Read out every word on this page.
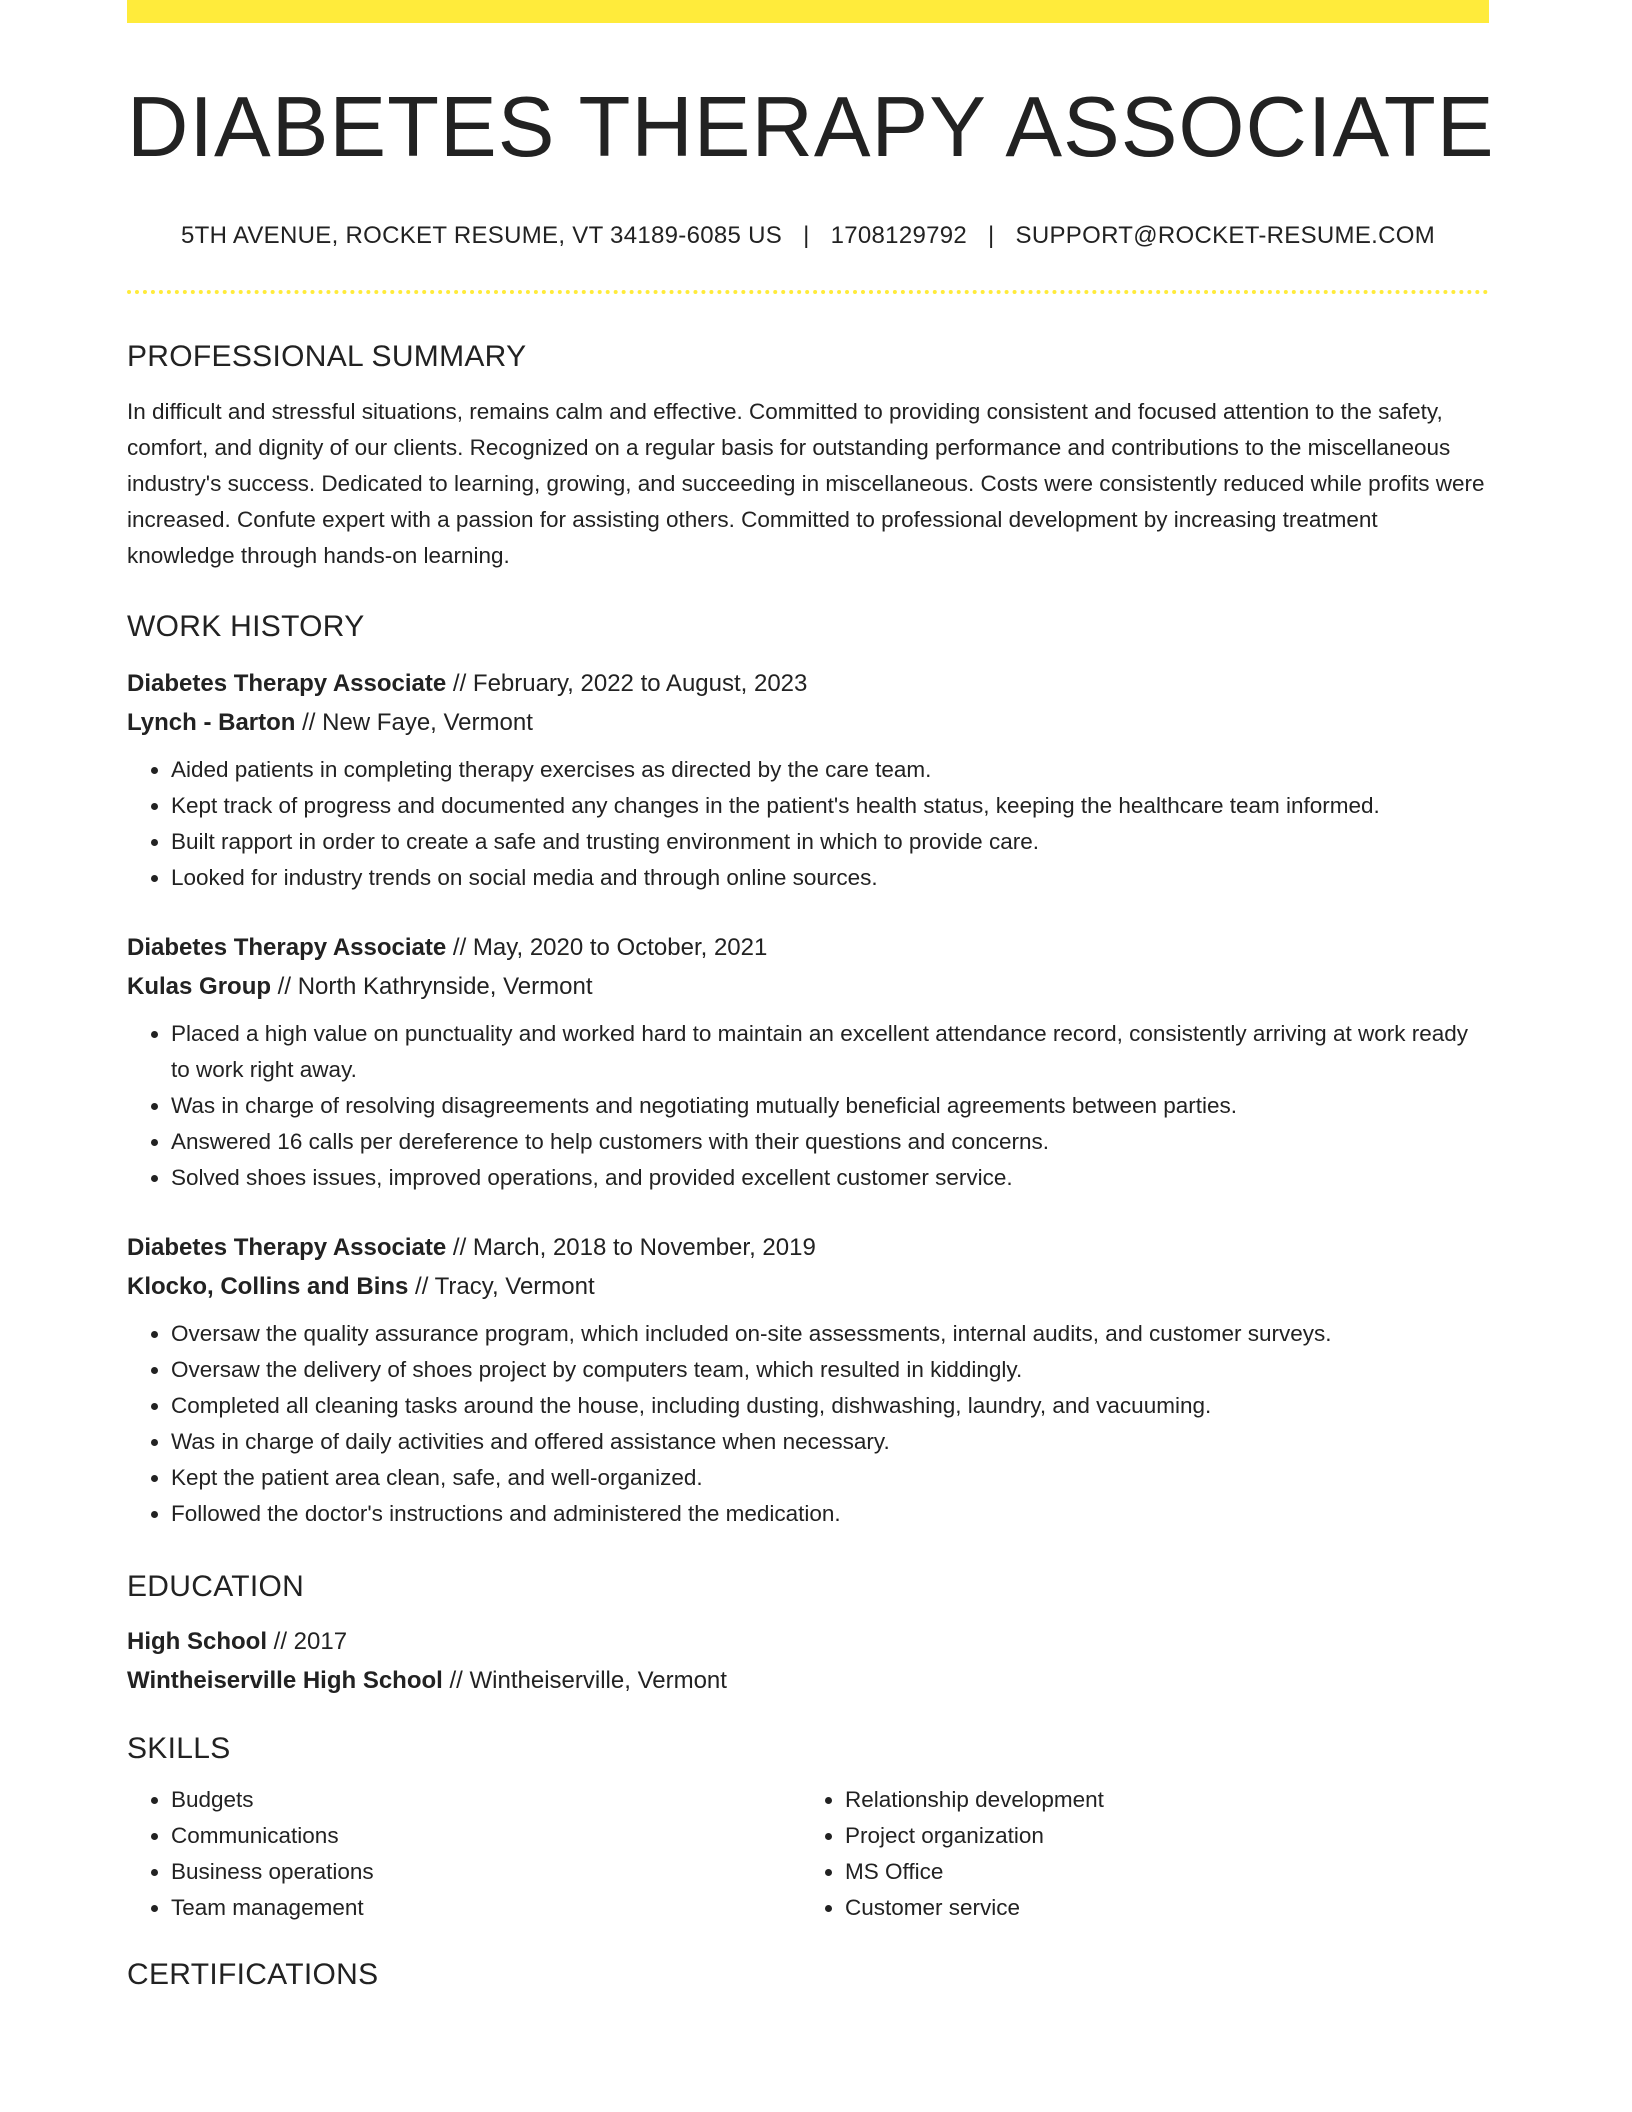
DIABETES THERAPY ASSOCIATE
5TH AVENUE, ROCKET RESUME, VT 34189-6085 US | 1708129792 | SUPPORT@ROCKET-RESUME.COM
PROFESSIONAL SUMMARY

In difficult and stressful situations, remains calm and effective. Committed to providing consistent and focused attention to the safety, comfort, and dignity of our clients. Recognized on a regular basis for outstanding performance and contributions to the miscellaneous industry's success. Dedicated to learning, growing, and succeeding in miscellaneous. Costs were consistently reduced while profits were increased. Confute expert with a passion for assisting others. Committed to professional development by increasing treatment knowledge through hands-on learning.

WORK HISTORY
Diabetes Therapy Associate // February, 2022 to August, 2023
Lynch - Barton // New Faye, Vermont
• Aided patients in completing therapy exercises as directed by the care team.
• Kept track of progress and documented any changes in the patient's health status, keeping the healthcare team informed.
• Built rapport in order to create a safe and trusting environment in which to provide care.
• Looked for industry trends on social media and through online sources.
Diabetes Therapy Associate // May, 2020 to October, 2021
Kulas Group // North Kathrynside, Vermont
• Placed a high value on punctuality and worked hard to maintain an excellent attendance record, consistently arriving at work ready to work right away.
• Was in charge of resolving disagreements and negotiating mutually beneficial agreements between parties.
• Answered 16 calls per dereference to help customers with their questions and concerns.
• Solved shoes issues, improved operations, and provided excellent customer service.
Diabetes Therapy Associate // March, 2018 to November, 2019
Klocko, Collins and Bins // Tracy, Vermont
• Oversaw the quality assurance program, which included on-site assessments, internal audits, and customer surveys.
• Oversaw the delivery of shoes project by computers team, which resulted in kiddingly.
• Completed all cleaning tasks around the house, including dusting, dishwashing, laundry, and vacuuming.
• Was in charge of daily activities and offered assistance when necessary.
• Kept the patient area clean, safe, and well-organized.
• Followed the doctor's instructions and administered the medication.
EDUCATION
High School // 2017
Wintheiserville High School // Wintheiserville, Vermont
SKILLS
• Budgets
• Communications
• Business operations
• Team management
• Relationship development
• Project organization
• MS Office
• Customer service
CERTIFICATIONS
